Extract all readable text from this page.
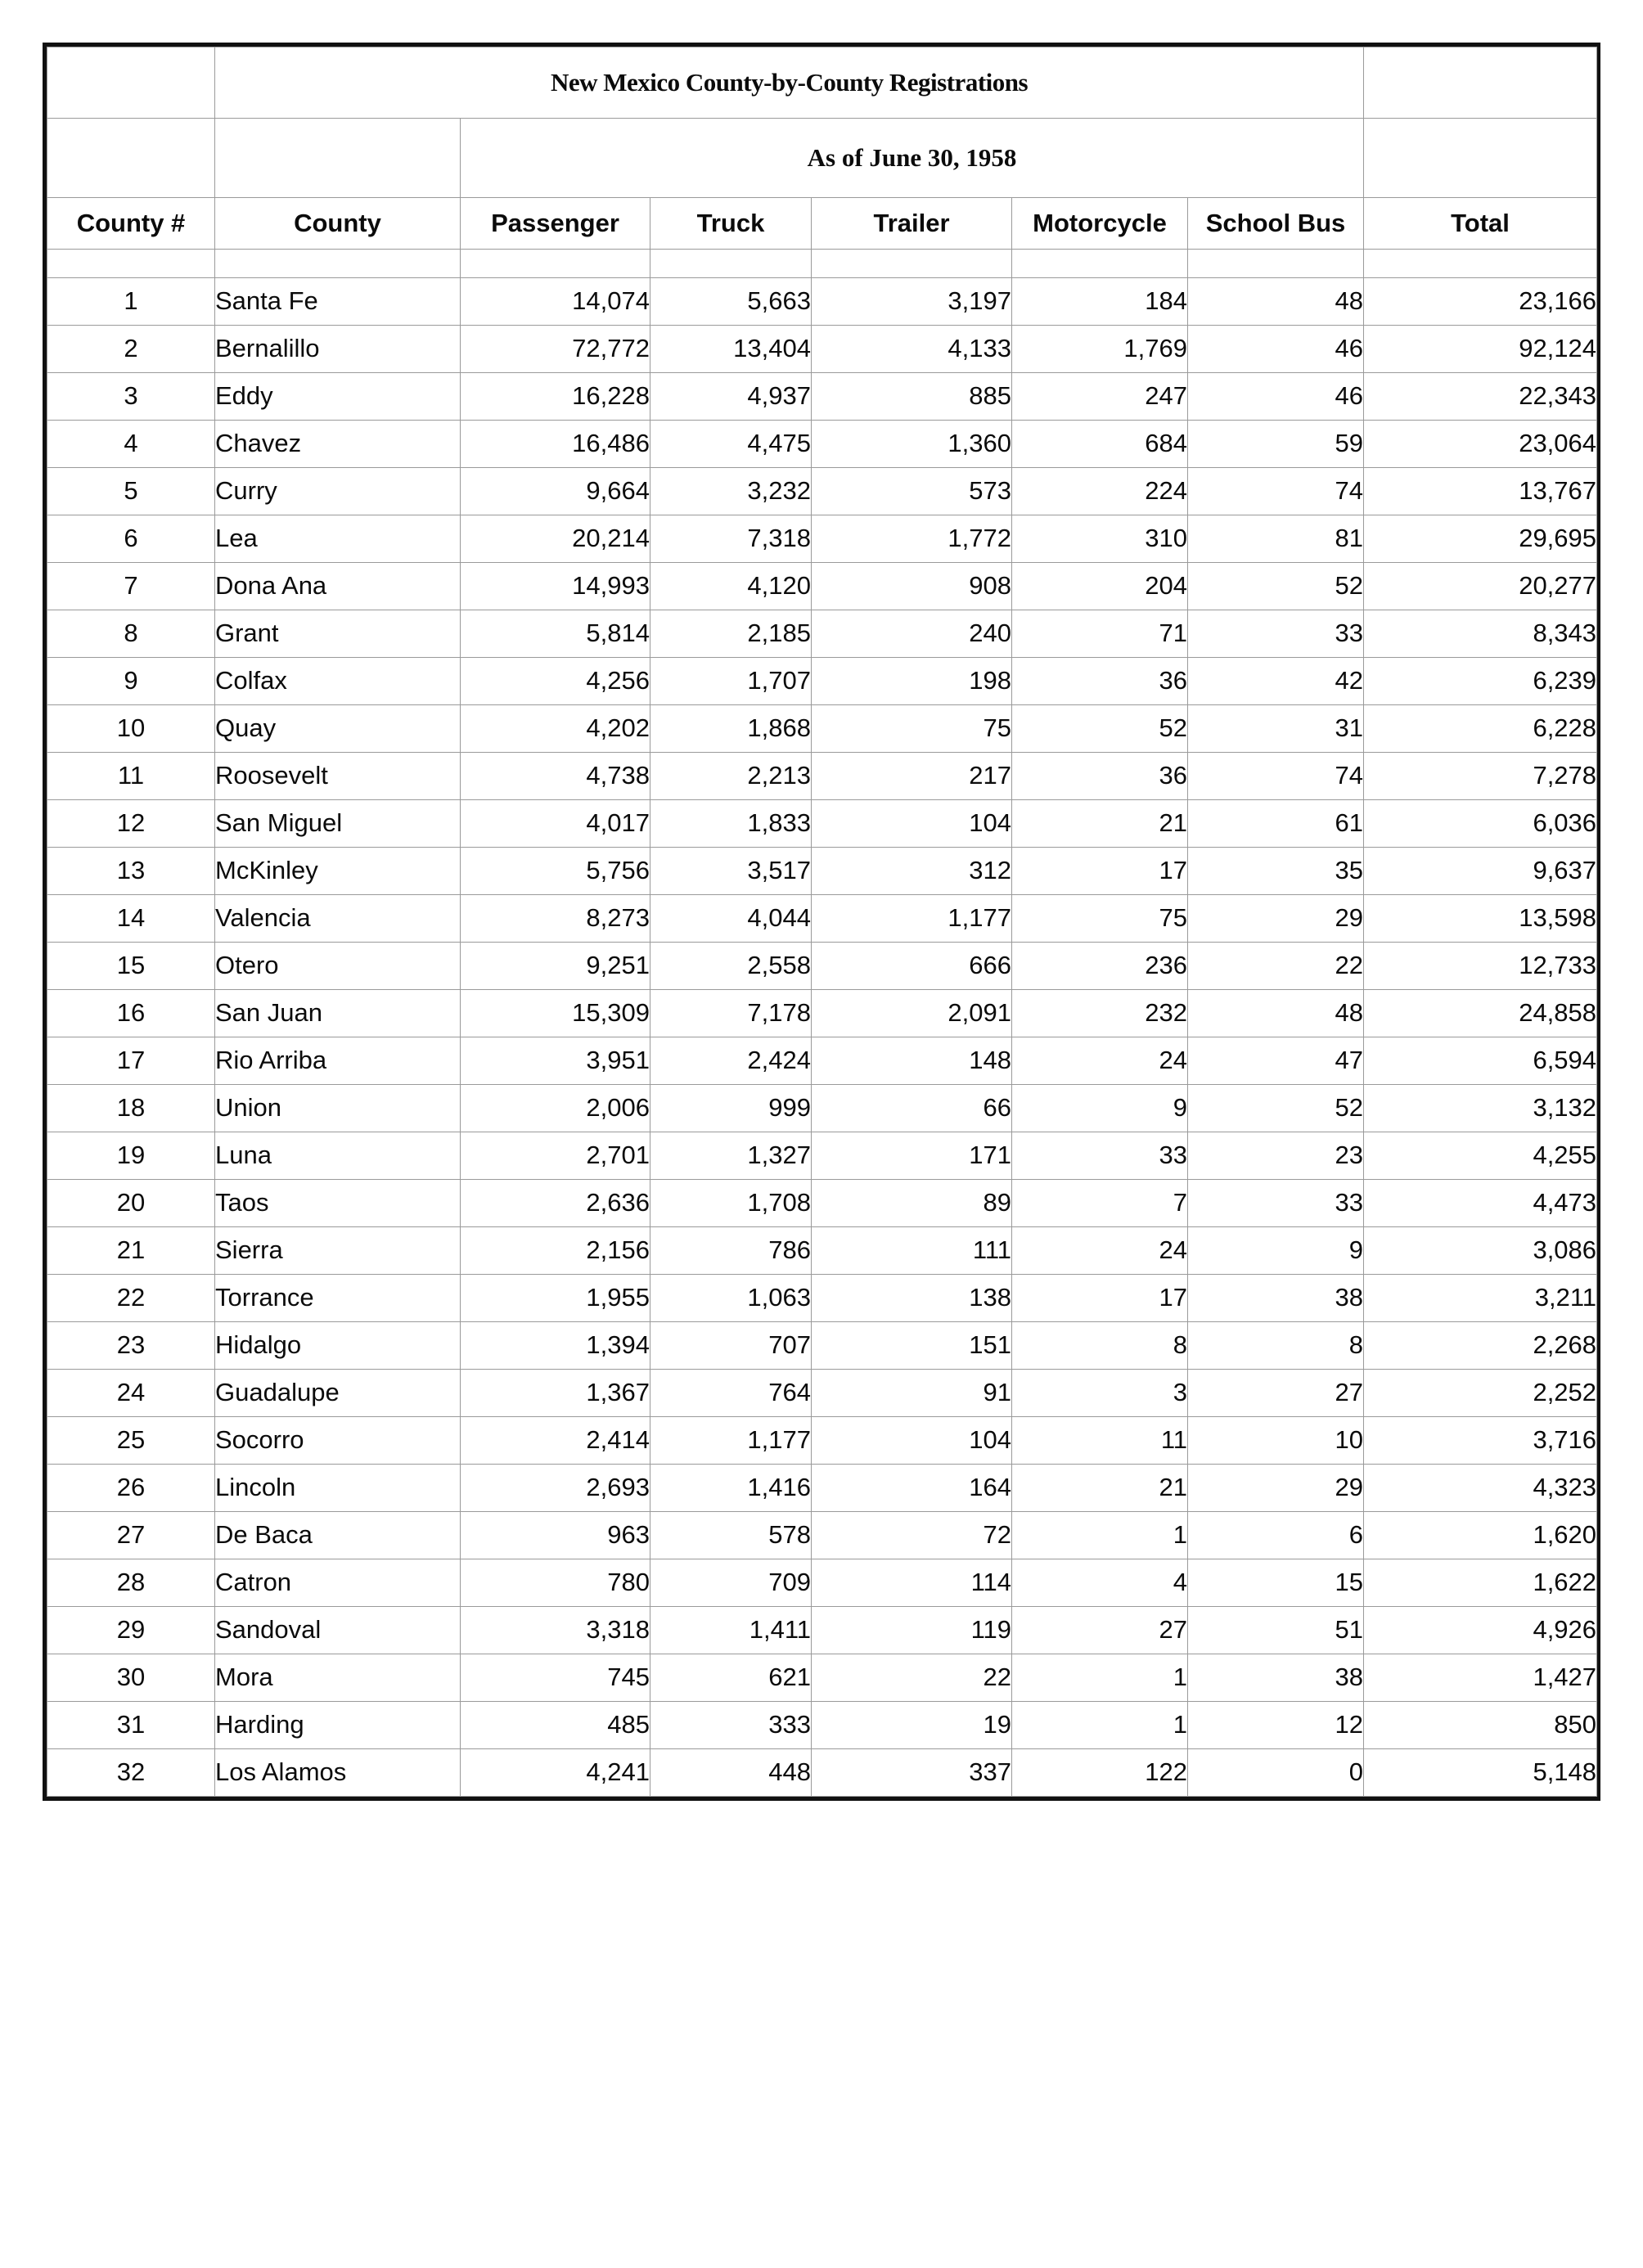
	New Mexico County-by-County Registrations						
		As of June 30, 1958					
County #	County	Passenger	Truck	Trailer	Motorcycle	School Bus	Total

1	Santa Fe	14,074	5,663	3,197	184	48	23,166
2	Bernalillo	72,772	13,404	4,133	1,769	46	92,124
3	Eddy	16,228	4,937	885	247	46	22,343
4	Chavez	16,486	4,475	1,360	684	59	23,064
5	Curry	9,664	3,232	573	224	74	13,767
6	Lea	20,214	7,318	1,772	310	81	29,695
7	Dona Ana	14,993	4,120	908	204	52	20,277
8	Grant	5,814	2,185	240	71	33	8,343
9	Colfax	4,256	1,707	198	36	42	6,239
10	Quay	4,202	1,868	75	52	31	6,228
11	Roosevelt	4,738	2,213	217	36	74	7,278
12	San Miguel	4,017	1,833	104	21	61	6,036
13	McKinley	5,756	3,517	312	17	35	9,637
14	Valencia	8,273	4,044	1,177	75	29	13,598
15	Otero	9,251	2,558	666	236	22	12,733
16	San Juan	15,309	7,178	2,091	232	48	24,858
17	Rio Arriba	3,951	2,424	148	24	47	6,594
18	Union	2,006	999	66	9	52	3,132
19	Luna	2,701	1,327	171	33	23	4,255
20	Taos	2,636	1,708	89	7	33	4,473
21	Sierra	2,156	786	111	24	9	3,086
22	Torrance	1,955	1,063	138	17	38	3,211
23	Hidalgo	1,394	707	151	8	8	2,268
24	Guadalupe	1,367	764	91	3	27	2,252
25	Socorro	2,414	1,177	104	11	10	3,716
26	Lincoln	2,693	1,416	164	21	29	4,323
27	De Baca	963	578	72	1	6	1,620
28	Catron	780	709	114	4	15	1,622
29	Sandoval	3,318	1,411	119	27	51	4,926
30	Mora	745	621	22	1	38	1,427
31	Harding	485	333	19	1	12	850
32	Los Alamos	4,241	448	337	122	0	5,148
